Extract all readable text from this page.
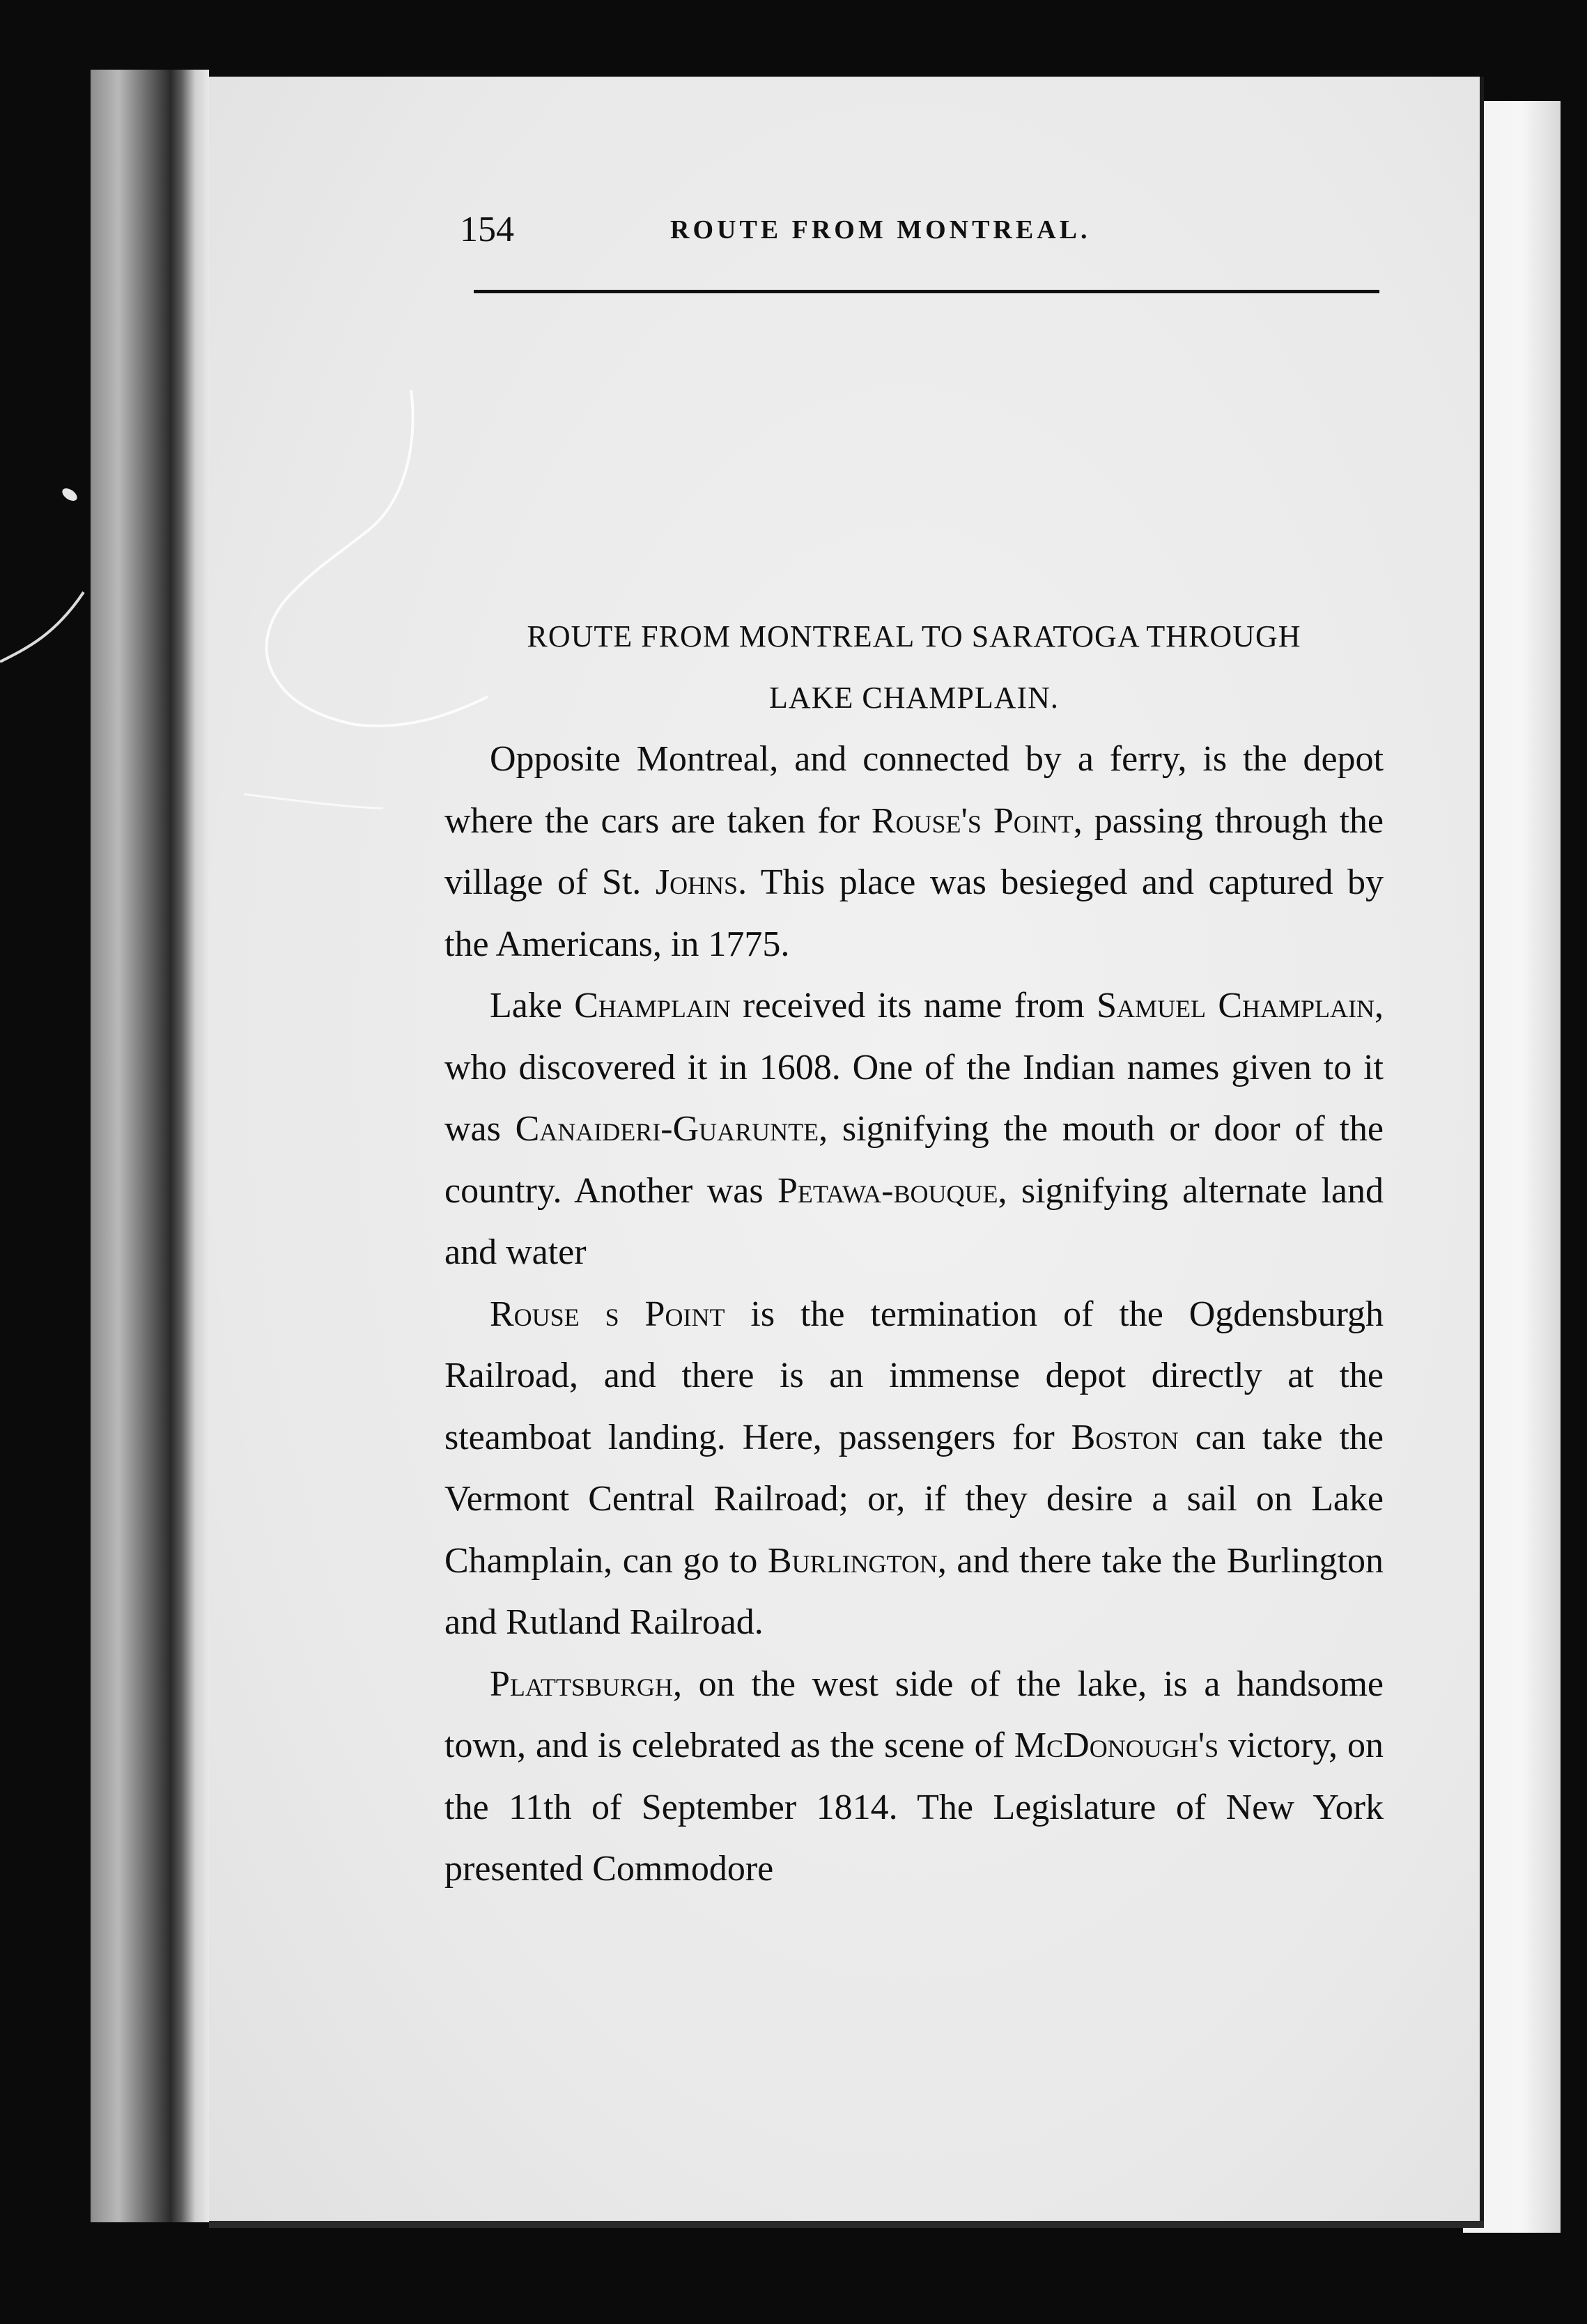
154	ROUTE FROM MONTREAL.
ROUTE FROM MONTREAL TO SARATOGA THROUGH
LAKE CHAMPLAIN.

Opposite Montreal, and connected by a ferry, is the depot where the cars are taken for Rouse's Point, passing through the village of St. Johns. This place was besieged and captured by the Americans, in 1775.

Lake Champlain received its name from Samuel Champlain, who discovered it in 1608. One of the Indian names given to it was Canaideri-Guarunte, signifying the mouth or door of the country. Another was Petawa-bouque, signifying alternate land and water

Rouse s Point is the termination of the Ogdensburgh Railroad, and there is an immense depot directly at the steamboat landing. Here, passengers for Boston can take the Vermont Central Railroad; or, if they desire a sail on Lake Champlain, can go to Burlington, and there take the Burlington and Rutland Railroad.

Plattsburgh, on the west side of the lake, is a handsome town, and is celebrated as the scene of McDonough's victory, on the 11th of September 1814. The Legislature of New York presented Commodore
